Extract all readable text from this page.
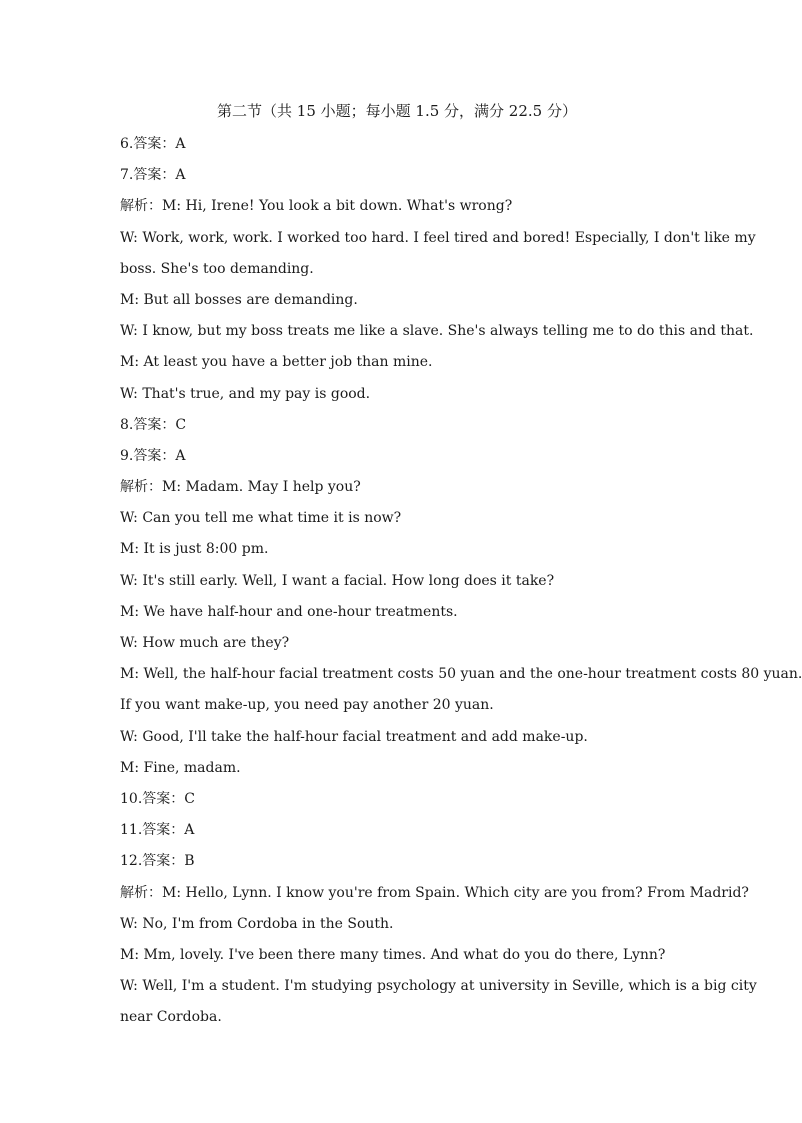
第二节（共 15 小题；每小题 1.5 分，满分 22.5 分）
6.答案：A
7.答案：A
解析：M: Hi, Irene! You look a bit down. What's wrong?
W: Work, work, work. I worked too hard. I feel tired and bored! Especially, I don't like my
boss. She's too demanding.
M: But all bosses are demanding.
W: I know, but my boss treats me like a slave. She's always telling me to do this and that.
M: At least you have a better job than mine.
W: That's true, and my pay is good.
8.答案：C
9.答案：A
解析：M: Madam. May I help you?
W: Can you tell me what time it is now?
M: It is just 8:00 pm.
W: It's still early. Well, I want a facial. How long does it take?
M: We have half-hour and one-hour treatments.
W: How much are they?
M: Well, the half-hour facial treatment costs 50 yuan and the one-hour treatment costs 80 yuan.
If you want make-up, you need pay another 20 yuan.
W: Good, I'll take the half-hour facial treatment and add make-up.
M: Fine, madam.
10.答案：C
11.答案：A
12.答案：B
解析：M: Hello, Lynn. I know you're from Spain. Which city are you from? From Madrid?
W: No, I'm from Cordoba in the South.
M: Mm, lovely. I've been there many times. And what do you do there, Lynn?
W: Well, I'm a student. I'm studying psychology at university in Seville, which is a big city
near Cordoba.
